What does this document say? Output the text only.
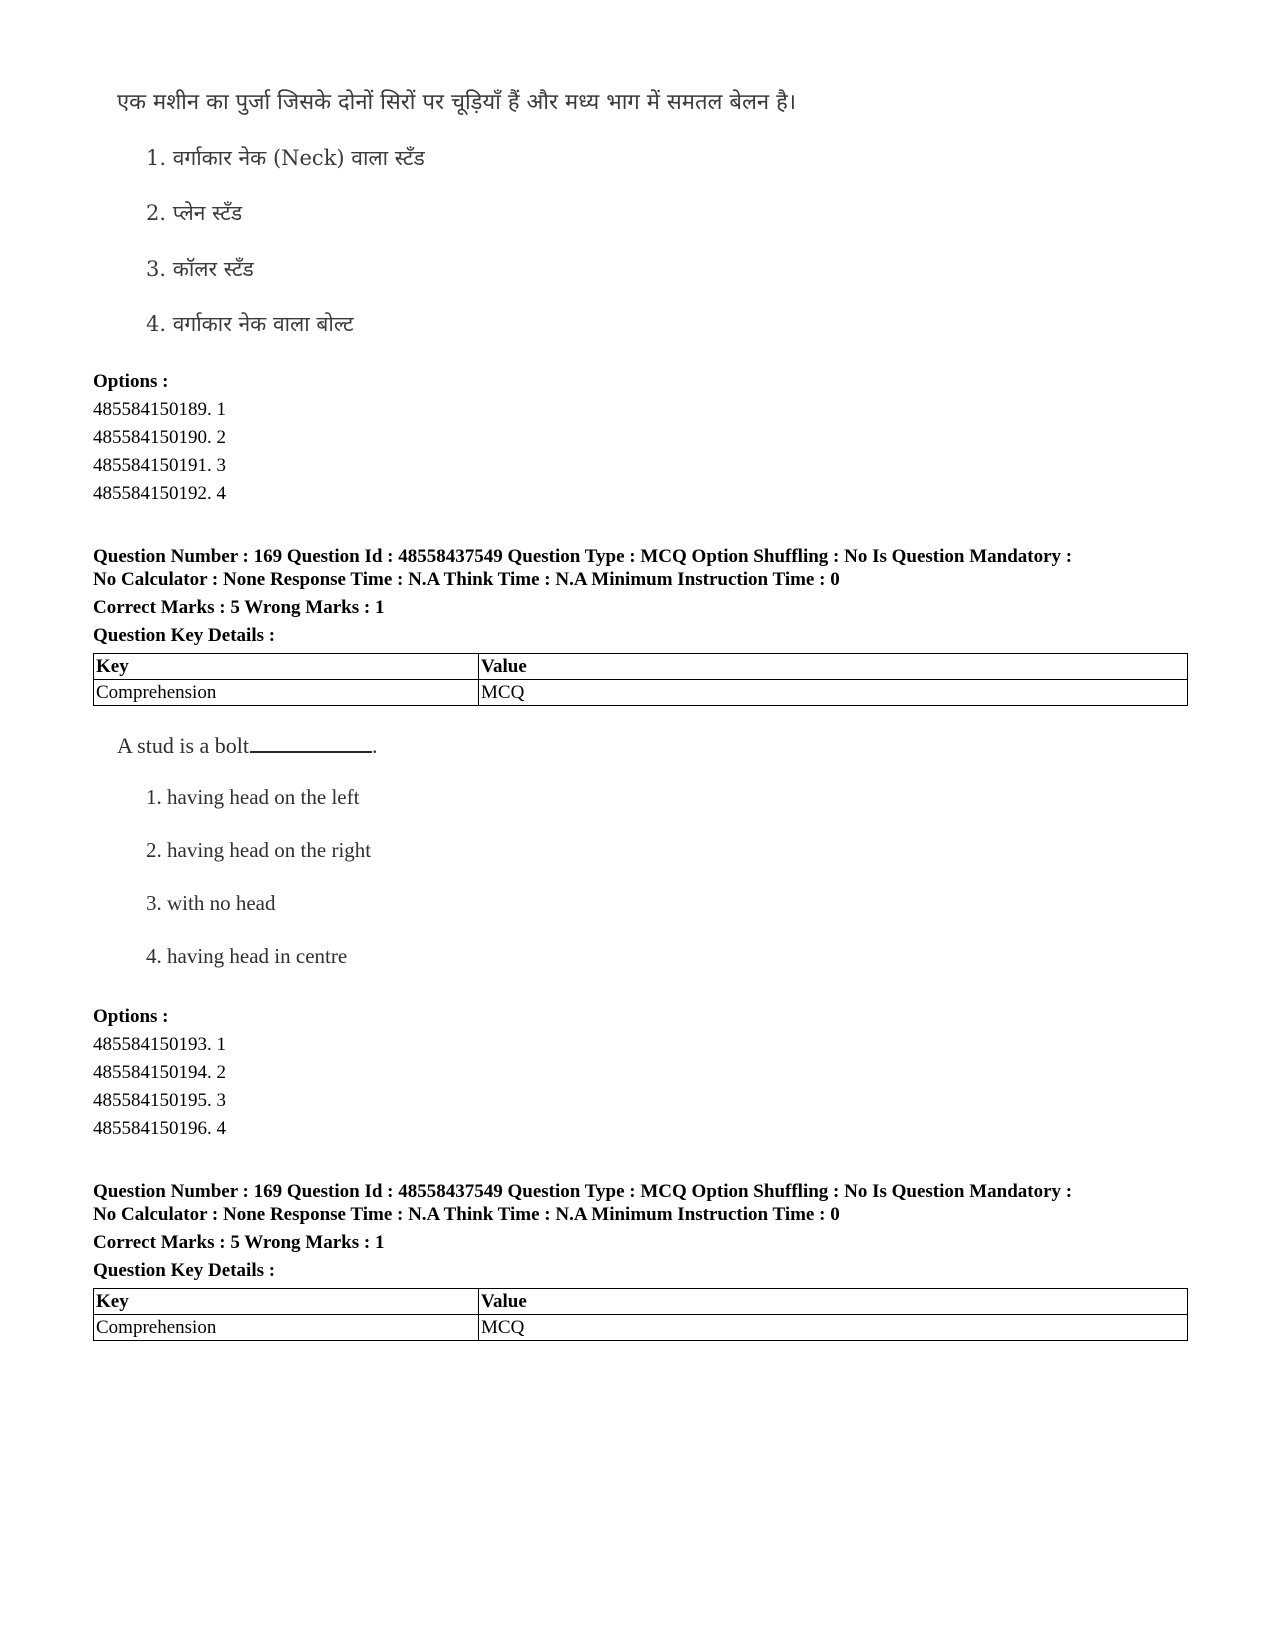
एक मशीन का पुर्जा जिसके दोनों सिरों पर चूड़ियाँ हैं और मध्य भाग में समतल बेलन है।
1. वर्गाकार नेक (Neck) वाला स्टॅंड
2. प्लेन स्टॅंड
3. कॉलर स्टॅंड
4. वर्गाकार नेक वाला बोल्ट
Options :
485584150189. 1
485584150190. 2
485584150191. 3
485584150192. 4
Question Number : 169 Question Id : 48558437549 Question Type : MCQ Option Shuffling : No Is Question Mandatory :
No Calculator : None Response Time : N.A Think Time : N.A Minimum Instruction Time : 0
Correct Marks : 5 Wrong Marks : 1
Question Key Details :
Key	Value
Comprehension	MCQ
A stud is a bolt	.
1. having head on the left
2. having head on the right
3. with no head
4. having head in centre
Options :
485584150193. 1
485584150194. 2
485584150195. 3
485584150196. 4
Question Number : 169 Question Id : 48558437549 Question Type : MCQ Option Shuffling : No Is Question Mandatory :
No Calculator : None Response Time : N.A Think Time : N.A Minimum Instruction Time : 0
Correct Marks : 5 Wrong Marks : 1
Question Key Details :
Key	Value
Comprehension	MCQ
